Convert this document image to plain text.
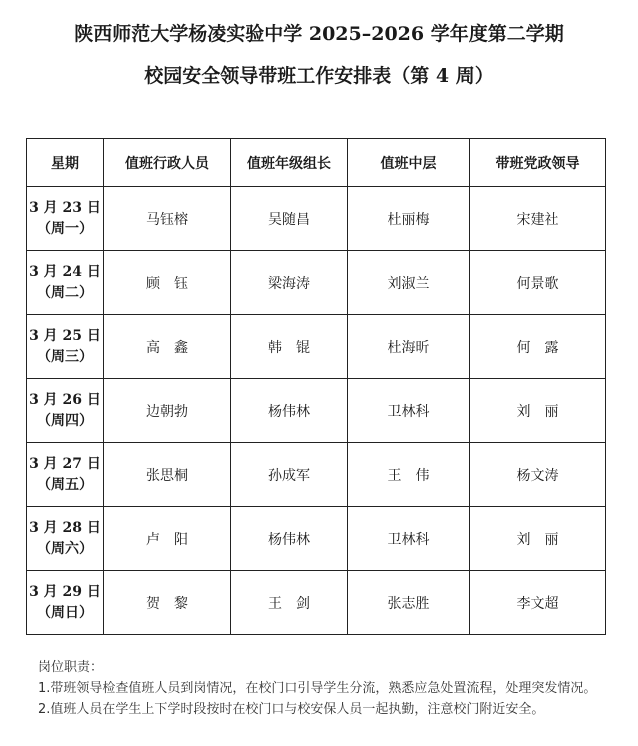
陕西师范大学杨凌实验中学 2025–2026 学年度第二学期
校园安全领导带班工作安排表（第 4 周）
星期	值班行政人员	值班年级组长	值班中层	带班党政领导

3 月 23 日
（周一）	马钰榕	吴随昌	杜丽梅	宋建社

3 月 24 日
（周二）	顾　钰	梁海涛	刘淑兰	何景歌

3 月 25 日
（周三）	高　鑫	韩　锟	杜海昕	何　露

3 月 26 日
（周四）	边朝勃	杨伟林	卫林科	刘　丽

3 月 27 日
（周五）	张思桐	孙成军	王　伟	杨文涛

3 月 28 日
（周六）	卢　阳	杨伟林	卫林科	刘　丽

3 月 29 日
（周日）	贺　黎	王　剑	张志胜	李文超

岗位职责：

1.带班领导检查值班人员到岗情况，在校门口引导学生分流，熟悉应急处置流程，处理突发情况。

2.值班人员在学生上下学时段按时在校门口与校安保人员一起执勤，注意校门附近安全。
